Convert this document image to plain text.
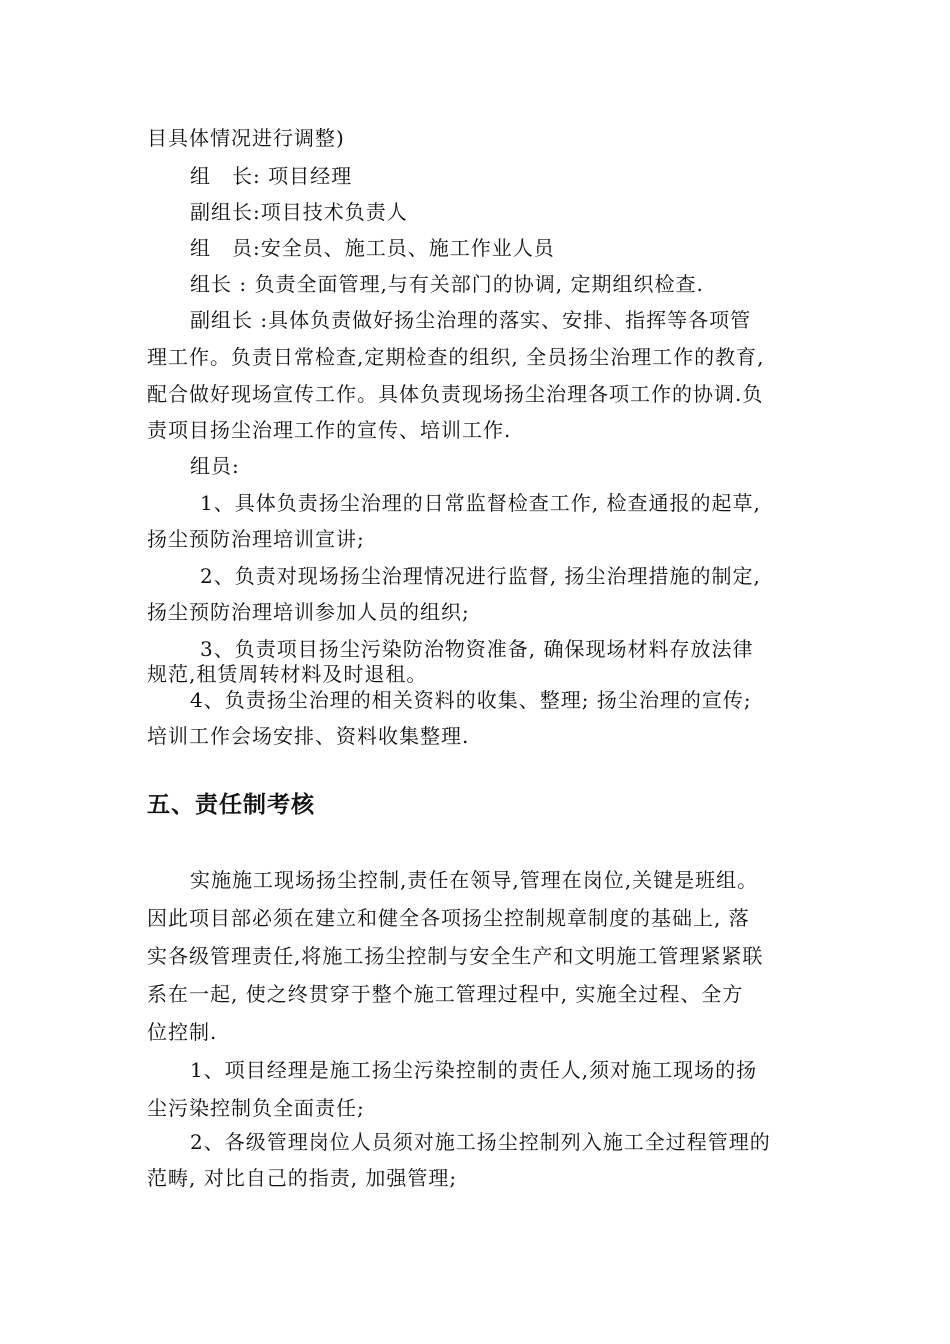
目具体情况进行调整)

组　长: 项目经理

副组长:项目技术负责人

组　员:安全员、施工员、施工作业人员

组长 : 负责全面管理,与有关部门的协调, 定期组织检查.

副组长 :具体负责做好扬尘治理的落实、安排、指挥等各项管

理工作。负责日常检查,定期检查的组织, 全员扬尘治理工作的教育,

配合做好现场宣传工作。具体负责现场扬尘治理各项工作的协调.负

责项目扬尘治理工作的宣传、培训工作.

组员:

1、具体负责扬尘治理的日常监督检查工作, 检查通报的起草,

扬尘预防治理培训宣讲;

2、负责对现场扬尘治理情况进行监督, 扬尘治理措施的制定,

扬尘预防治理培训参加人员的组织;

3、负责项目扬尘污染防治物资准备, 确保现场材料存放法律

规范,租赁周转材料及时退租。

4、负责扬尘治理的相关资料的收集、整理; 扬尘治理的宣传;

培训工作会场安排、资料收集整理.

五、责任制考核

实施施工现场扬尘控制,责任在领导,管理在岗位,关键是班组。

因此项目部必须在建立和健全各项扬尘控制规章制度的基础上, 落

实各级管理责任,将施工扬尘控制与安全生产和文明施工管理紧紧联

系在一起, 使之终贯穿于整个施工管理过程中, 实施全过程、全方

位控制.

1、项目经理是施工扬尘污染控制的责任人,须对施工现场的扬

尘污染控制负全面责任;

2、各级管理岗位人员须对施工扬尘控制列入施工全过程管理的

范畴, 对比自己的指责, 加强管理;
